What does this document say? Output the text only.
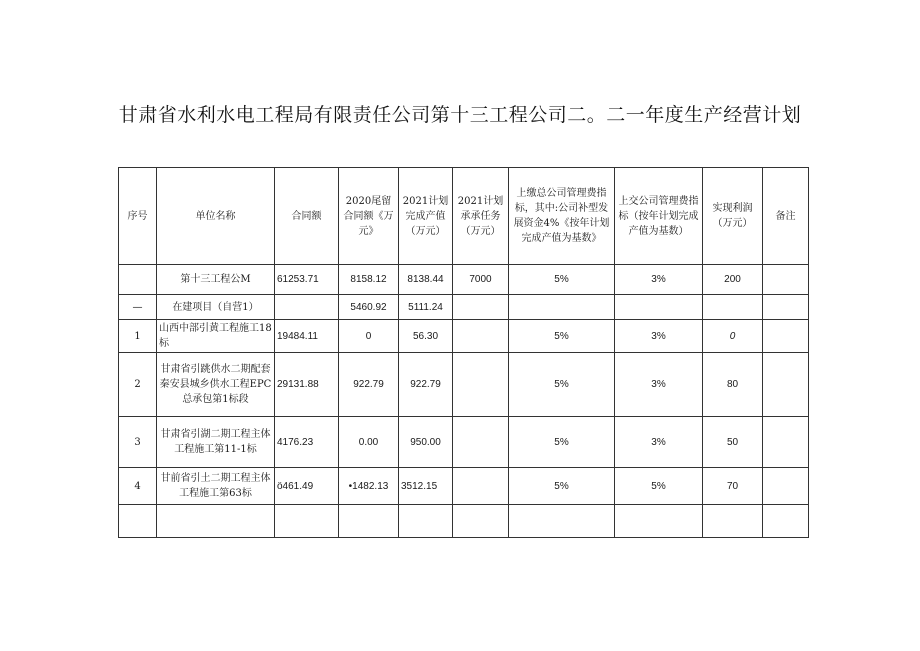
甘肃省水利水电工程局有限责任公司第十三工程公司二。二一年度生产经营计划
序号	单位名称	合同额	2020尾留合同额《万元》	2021计划完成产值（万元）	2021计划承承任务（万元）	上缴总公司管理费指标，其中:公司补型发展资金4%《按年计划完成产值为基数》	上交公司管理费指标（按年计划完成产值为基数）	实现利润（万元）	备注
	第十三工程公M	61253.71	8158.12	8138.44	7000	5%	3%	200	
—	在建项目（自营1）		5460.92	5111.24					
1	山西中部引黄工程施工18标	19484.11	0	56.30		5%	3%	0	
2	甘肃省引跳供水二期配套秦安县城乡供水工程EPC总承包第1标段	29131.88	922.79	922.79		5%	3%	80	
3	甘肃省引湖二期工程主体工程施工第11-1标	4176.23	0.00	950.00		5%	3%	50	
4	甘前省引土二期工程主体工程施工第63标	ö461.49	•1482.13	3512.15		5%	5%	70	
